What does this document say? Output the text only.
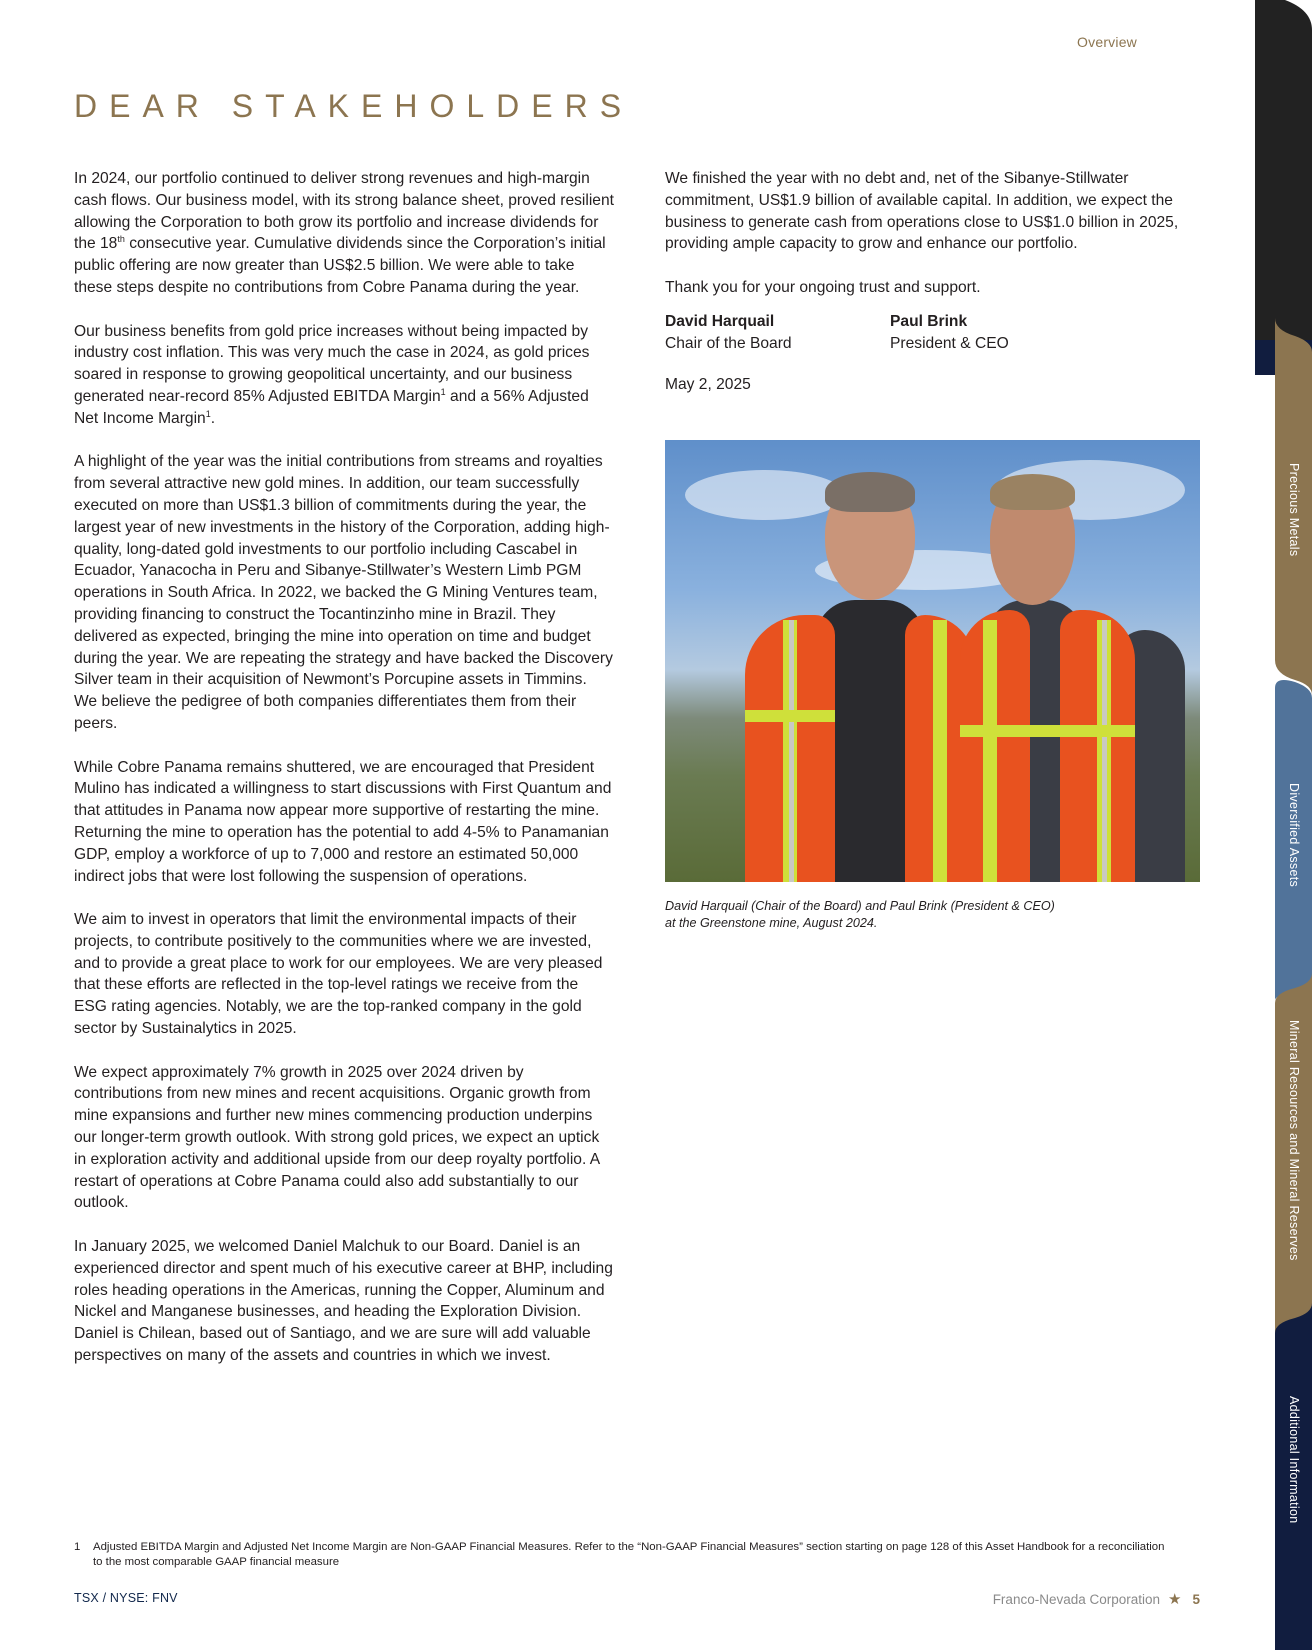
Overview
DEAR STAKEHOLDERS

In 2024, our portfolio continued to deliver strong revenues and high-margin cash flows. Our business model, with its strong balance sheet, proved resilient allowing the Corporation to both grow its portfolio and increase dividends for the 18th consecutive year. Cumulative dividends since the Corporation’s initial public offering are now greater than US$2.5 billion. We were able to take these steps despite no contributions from Cobre Panama during the year.

Our business benefits from gold price increases without being impacted by industry cost inflation. This was very much the case in 2024, as gold prices soared in response to growing geopolitical uncertainty, and our business generated near-record 85% Adjusted EBITDA Margin$^1$ and a 56% Adjusted Net Income Margin$^1$.

A highlight of the year was the initial contributions from streams and royalties from several attractive new gold mines. In addition, our team successfully executed on more than US$1.3 billion of commitments during the year, the largest year of new investments in the history of the Corporation, adding high-quality, long-dated gold investments to our portfolio including Cascabel in Ecuador, Yanacocha in Peru and Sibanye-Stillwater’s Western Limb PGM operations in South Africa. In 2022, we backed the G Mining Ventures team, providing financing to construct the Tocantinzinho mine in Brazil. They delivered as expected, bringing the mine into operation on time and budget during the year. We are repeating the strategy and have backed the Discovery Silver team in their acquisition of Newmont’s Porcupine assets in Timmins. We believe the pedigree of both companies differentiates them from their peers.

While Cobre Panama remains shuttered, we are encouraged that President Mulino has indicated a willingness to start discussions with First Quantum and that attitudes in Panama now appear more supportive of restarting the mine. Returning the mine to operation has the potential to add 4-5% to Panamanian GDP, employ a workforce of up to 7,000 and restore an estimated 50,000 indirect jobs that were lost following the suspension of operations.

We aim to invest in operators that limit the environmental impacts of their projects, to contribute positively to the communities where we are invested, and to provide a great place to work for our employees. We are very pleased that these efforts are reflected in the top-level ratings we receive from the ESG rating agencies. Notably, we are the top-ranked company in the gold sector by Sustainalytics in 2025.

We expect approximately 7% growth in 2025 over 2024 driven by contributions from new mines and recent acquisitions. Organic growth from mine expansions and further new mines commencing production underpins our longer-term growth outlook. With strong gold prices, we expect an uptick in exploration activity and additional upside from our deep royalty portfolio. A restart of operations at Cobre Panama could also add substantially to our outlook.

In January 2025, we welcomed Daniel Malchuk to our Board. Daniel is an experienced director and spent much of his executive career at BHP, including roles heading operations in the Americas, running the Copper, Aluminum and Nickel and Manganese businesses, and heading the Exploration Division. Daniel is Chilean, based out of Santiago, and we are sure will add valuable perspectives on many of the assets and countries in which we invest.

We finished the year with no debt and, net of the Sibanye-Stillwater commitment, US$1.9 billion of available capital. In addition, we expect the business to generate cash from operations close to US$1.0 billion in 2025, providing ample capacity to grow and enhance our portfolio.

Thank you for your ongoing trust and support.

David Harquail
Chair of the Board
Paul Brink
President & CEO
May 2, 2025

David Harquail (Chair of the Board) and Paul Brink (President & CEO)
at the Greenstone mine, August 2024.

1	Adjusted EBITDA Margin and Adjusted Net Income Margin are Non-GAAP Financial Measures. Refer to the “Non-GAAP Financial Measures” section starting on page 128 of this Asset Handbook for a reconciliation to the most comparable GAAP financial measure
TSX / NYSE: FNV	Franco-Nevada Corporation ★ 5
Precious Metals
Diversified Assets
Mineral Resources and Mineral Reserves
Additional Information
